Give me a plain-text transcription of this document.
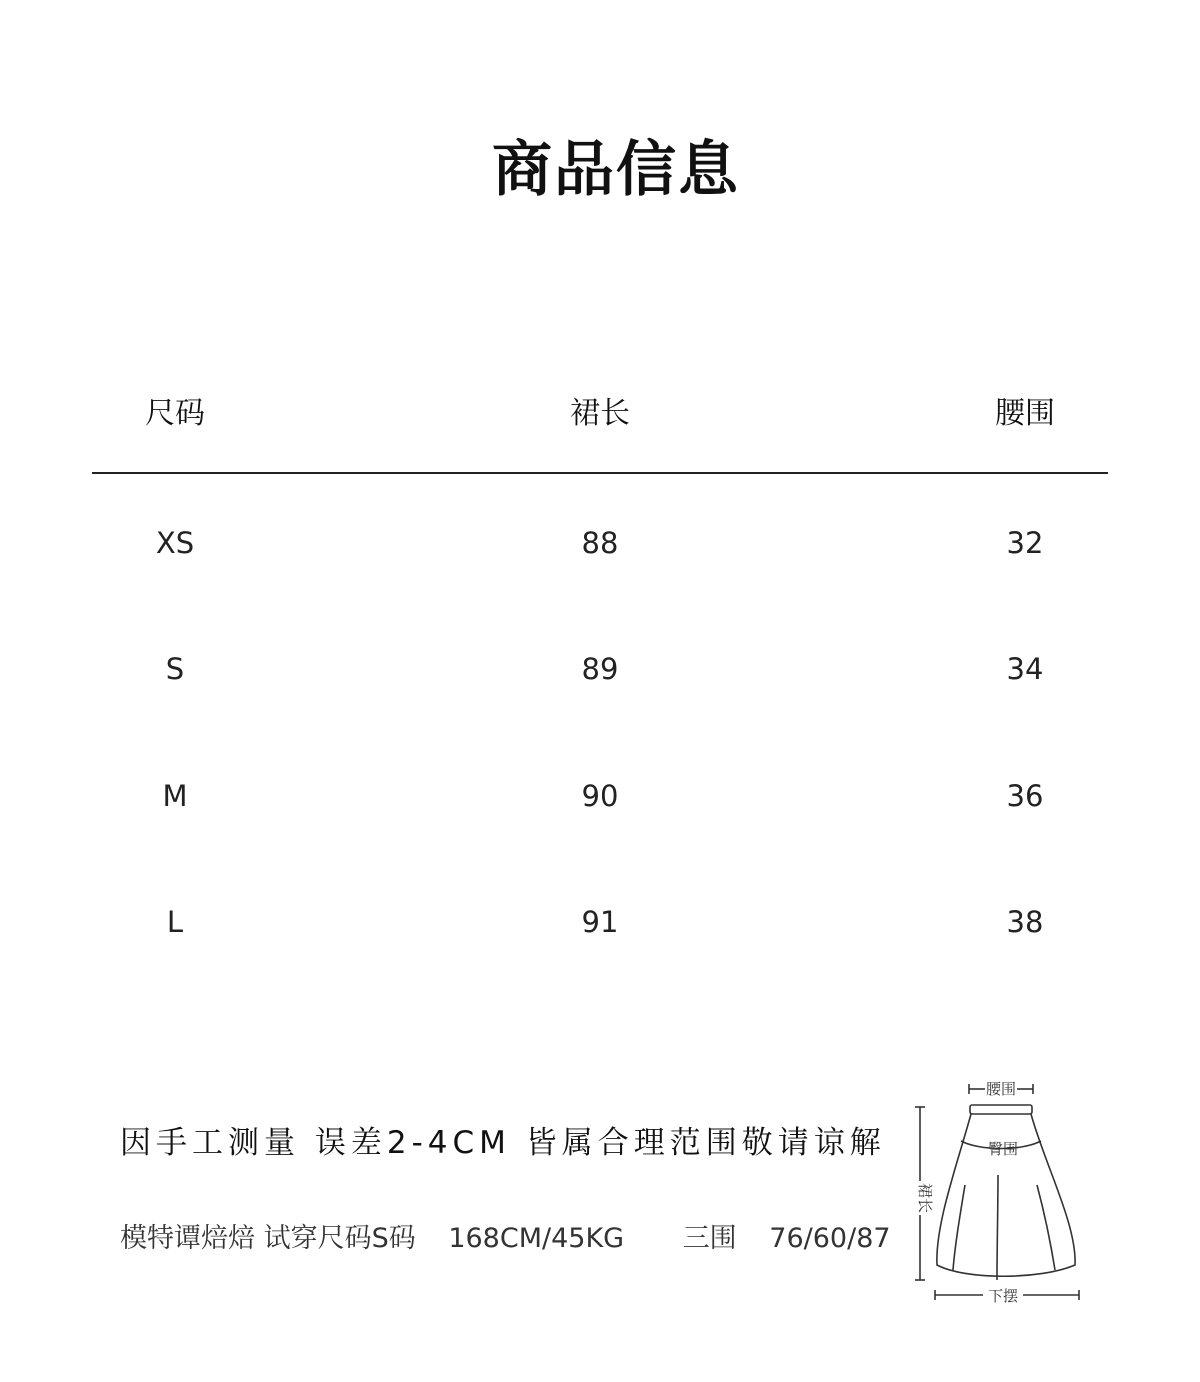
商品信息
尺码	裙长	腰围
XS	88	32
S	89	34
M	90	36
L	91	38
因手工测量 误差2-4CM 皆属合理范围敬请谅解
模特谭焙焙 试穿尺码S码 168CM/45KG 三围 76/60/87
腰围
臀围
下摆
裙长
